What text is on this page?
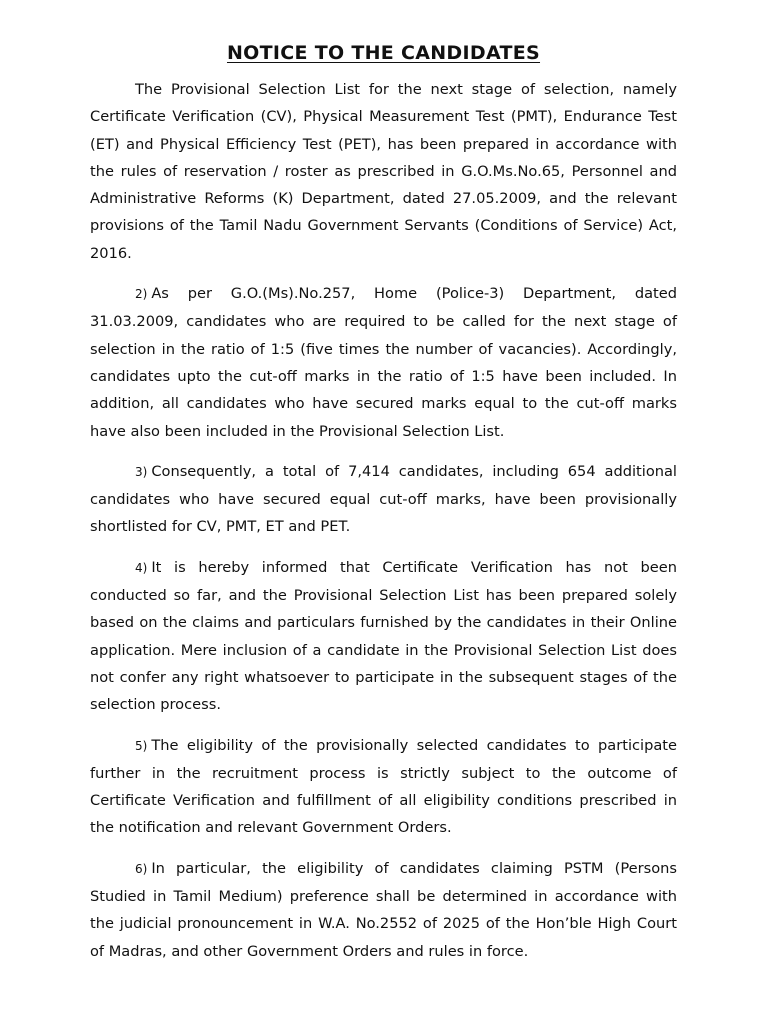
NOTICE TO THE CANDIDATES

The Provisional Selection List for the next stage of selection, namely Certificate Verification (CV), Physical Measurement Test (PMT), Endurance Test (ET) and Physical Efficiency Test (PET), has been prepared in accordance with the rules of reservation / roster as prescribed in G.O.Ms.No.65, Personnel and Administrative Reforms (K) Department, dated 27.05.2009, and the relevant provisions of the Tamil Nadu Government Servants (Conditions of Service) Act, 2016.

2) As per G.O.(Ms).No.257, Home (Police-3) Department, dated 31.03.2009, candidates who are required to be called for the next stage of selection in the ratio of 1:5 (five times the number of vacancies). Accordingly, candidates upto the cut-off marks in the ratio of 1:5 have been included. In addition, all candidates who have secured marks equal to the cut-off marks have also been included in the Provisional Selection List.

3) Consequently, a total of 7,414 candidates, including 654 additional candidates who have secured equal cut-off marks, have been provisionally shortlisted for CV, PMT, ET and PET.

4) It is hereby informed that Certificate Verification has not been conducted so far, and the Provisional Selection List has been prepared solely based on the claims and particulars furnished by the candidates in their Online application. Mere inclusion of a candidate in the Provisional Selection List does not confer any right whatsoever to participate in the subsequent stages of the selection process.

5) The eligibility of the provisionally selected candidates to participate further in the recruitment process is strictly subject to the outcome of Certificate Verification and fulfillment of all eligibility conditions prescribed in the notification and relevant Government Orders.

6) In particular, the eligibility of candidates claiming PSTM (Persons Studied in Tamil Medium) preference shall be determined in accordance with the judicial pronouncement in W.A. No.2552 of 2025 of the Hon’ble High Court of Madras, and other Government Orders and rules in force.
